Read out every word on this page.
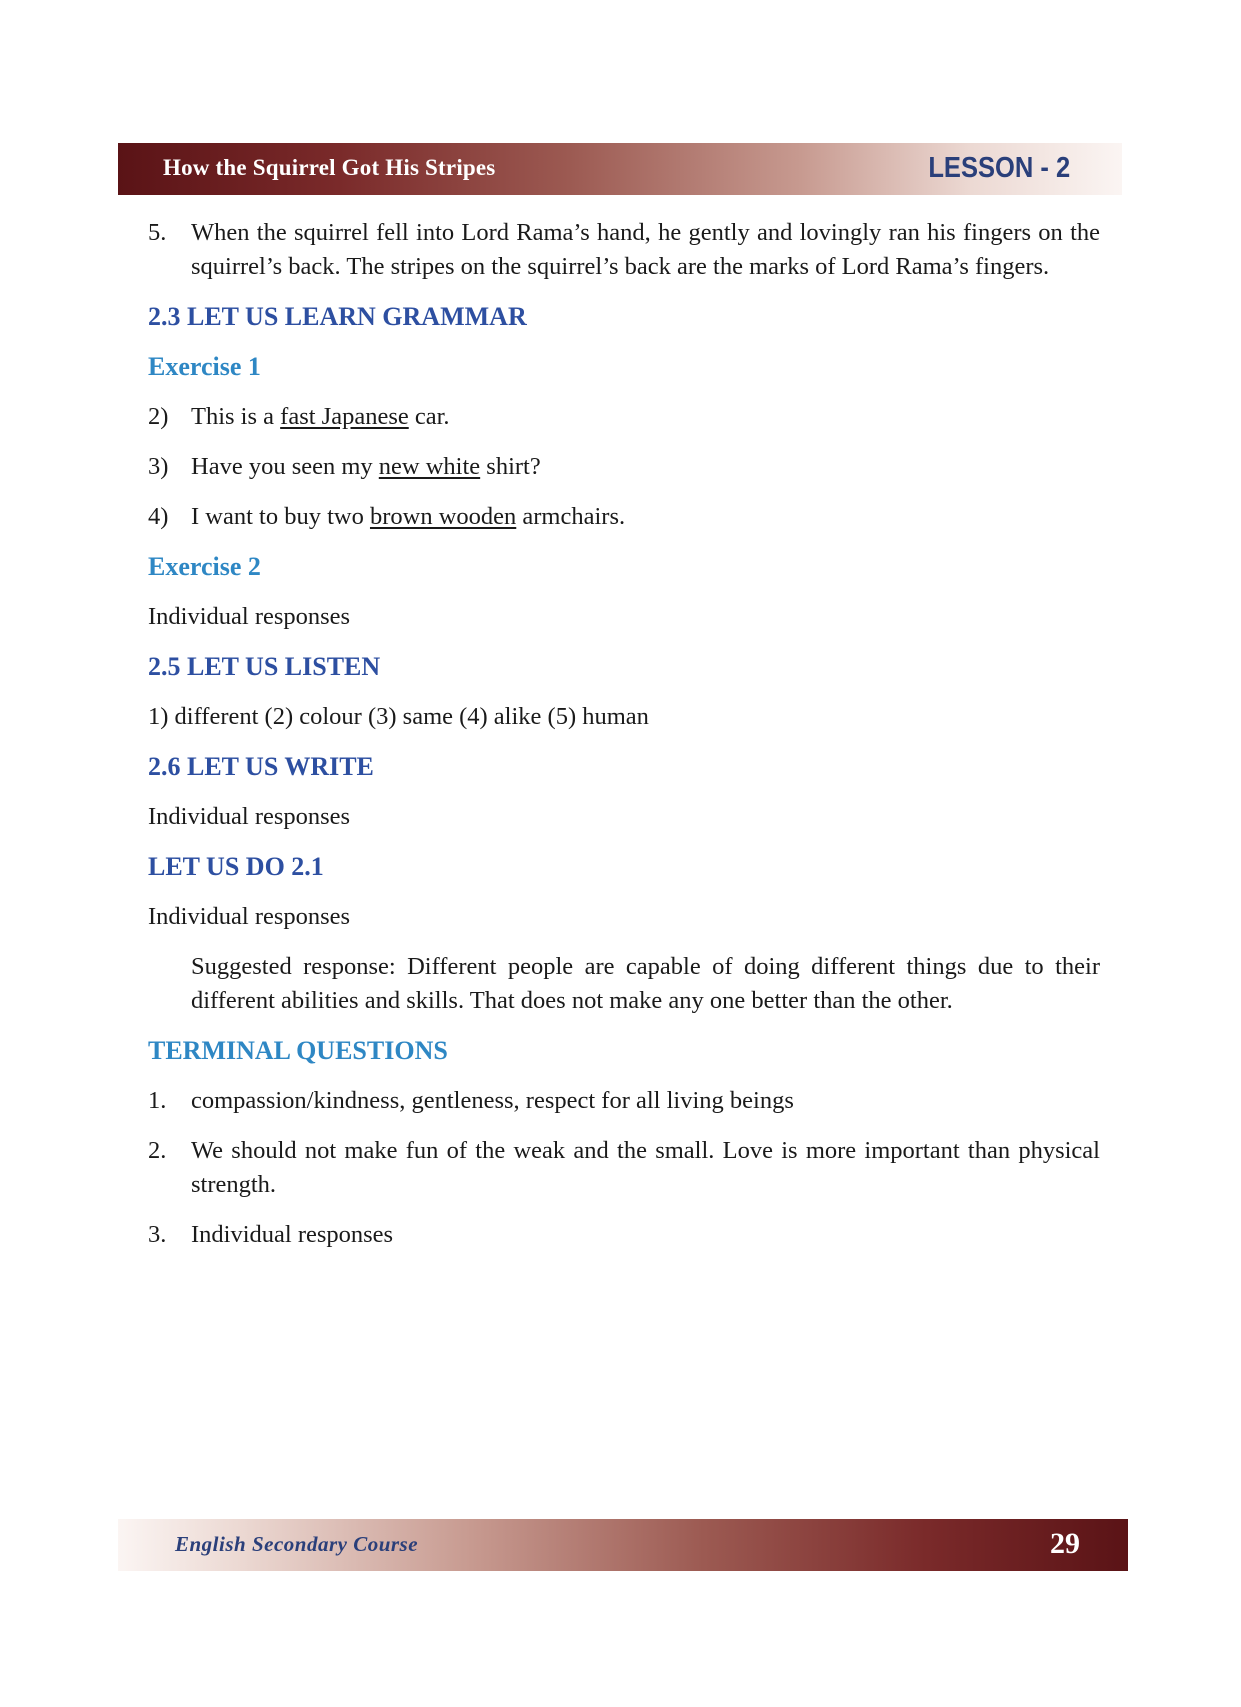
How the Squirrel Got His Stripes	LESSON - 2
5.	When the squirrel fell into Lord Rama’s hand, he gently and lovingly ran his fingers on the squirrel’s back. The stripes on the squirrel’s back are the marks of Lord Rama’s fingers.
2.3 LET US LEARN GRAMMAR
Exercise 1
2) This is a fast Japanese car.
3) Have you seen my new white shirt?
4) I want to buy two brown wooden armchairs.
Exercise 2
Individual responses
2.5 LET US LISTEN
1) different (2) colour (3) same (4) alike (5) human
2.6 LET US WRITE
Individual responses
LET US DO 2.1
Individual responses
Suggested response: Different people are capable of doing different things due to their different abilities and skills. That does not make any one better than the other.
TERMINAL QUESTIONS
1.	compassion/kindness, gentleness, respect for all living beings
2.	We should not make fun of the weak and the small. Love is more important than physical strength.
3.	Individual responses
English Secondary Course	29
